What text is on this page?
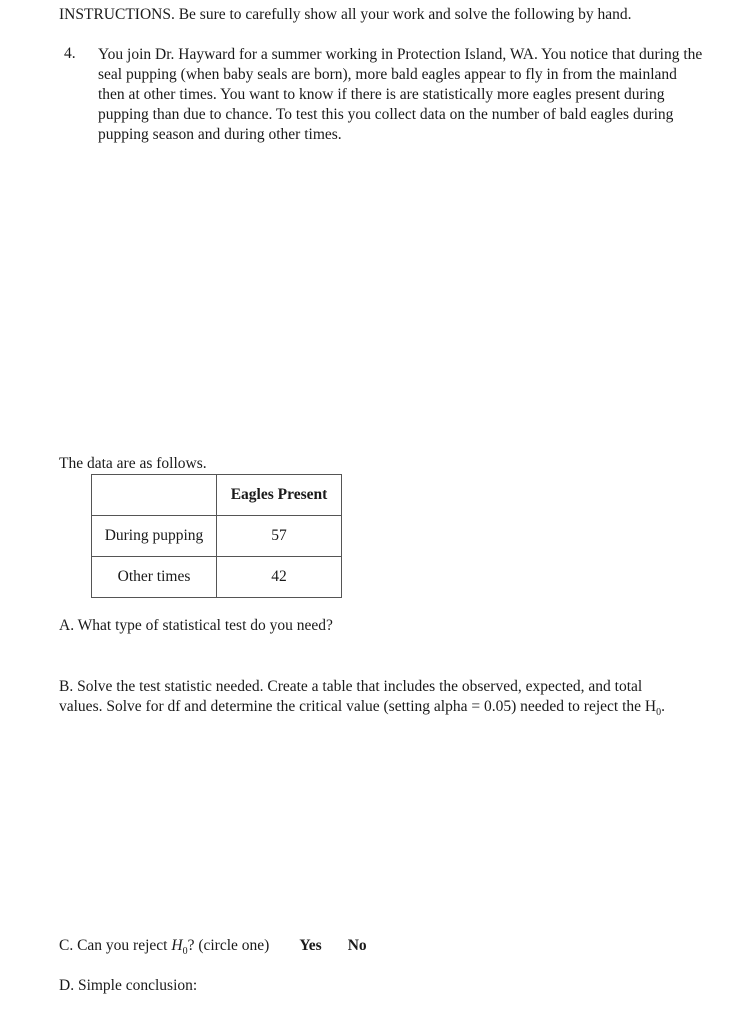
INSTRUCTIONS. Be sure to carefully show all your work and solve the following by hand.
4. You join Dr. Hayward for a summer working in Protection Island, WA. You notice that during the seal pupping (when baby seals are born), more bald eagles appear to fly in from the mainland then at other times. You want to know if there is are statistically more eagles present during pupping than due to chance. To test this you collect data on the number of bald eagles during pupping season and during other times.
The data are as follows.
	Eagles Present
During pupping	57
Other times	42
A. What type of statistical test do you need?
B. Solve the test statistic needed. Create a table that includes the observed, expected, and total values. Solve for df and determine the critical value (setting alpha = 0.05) needed to reject the $H_0$.
C. Can you reject $H_0$? (circle one) Yes No
D. Simple conclusion:
